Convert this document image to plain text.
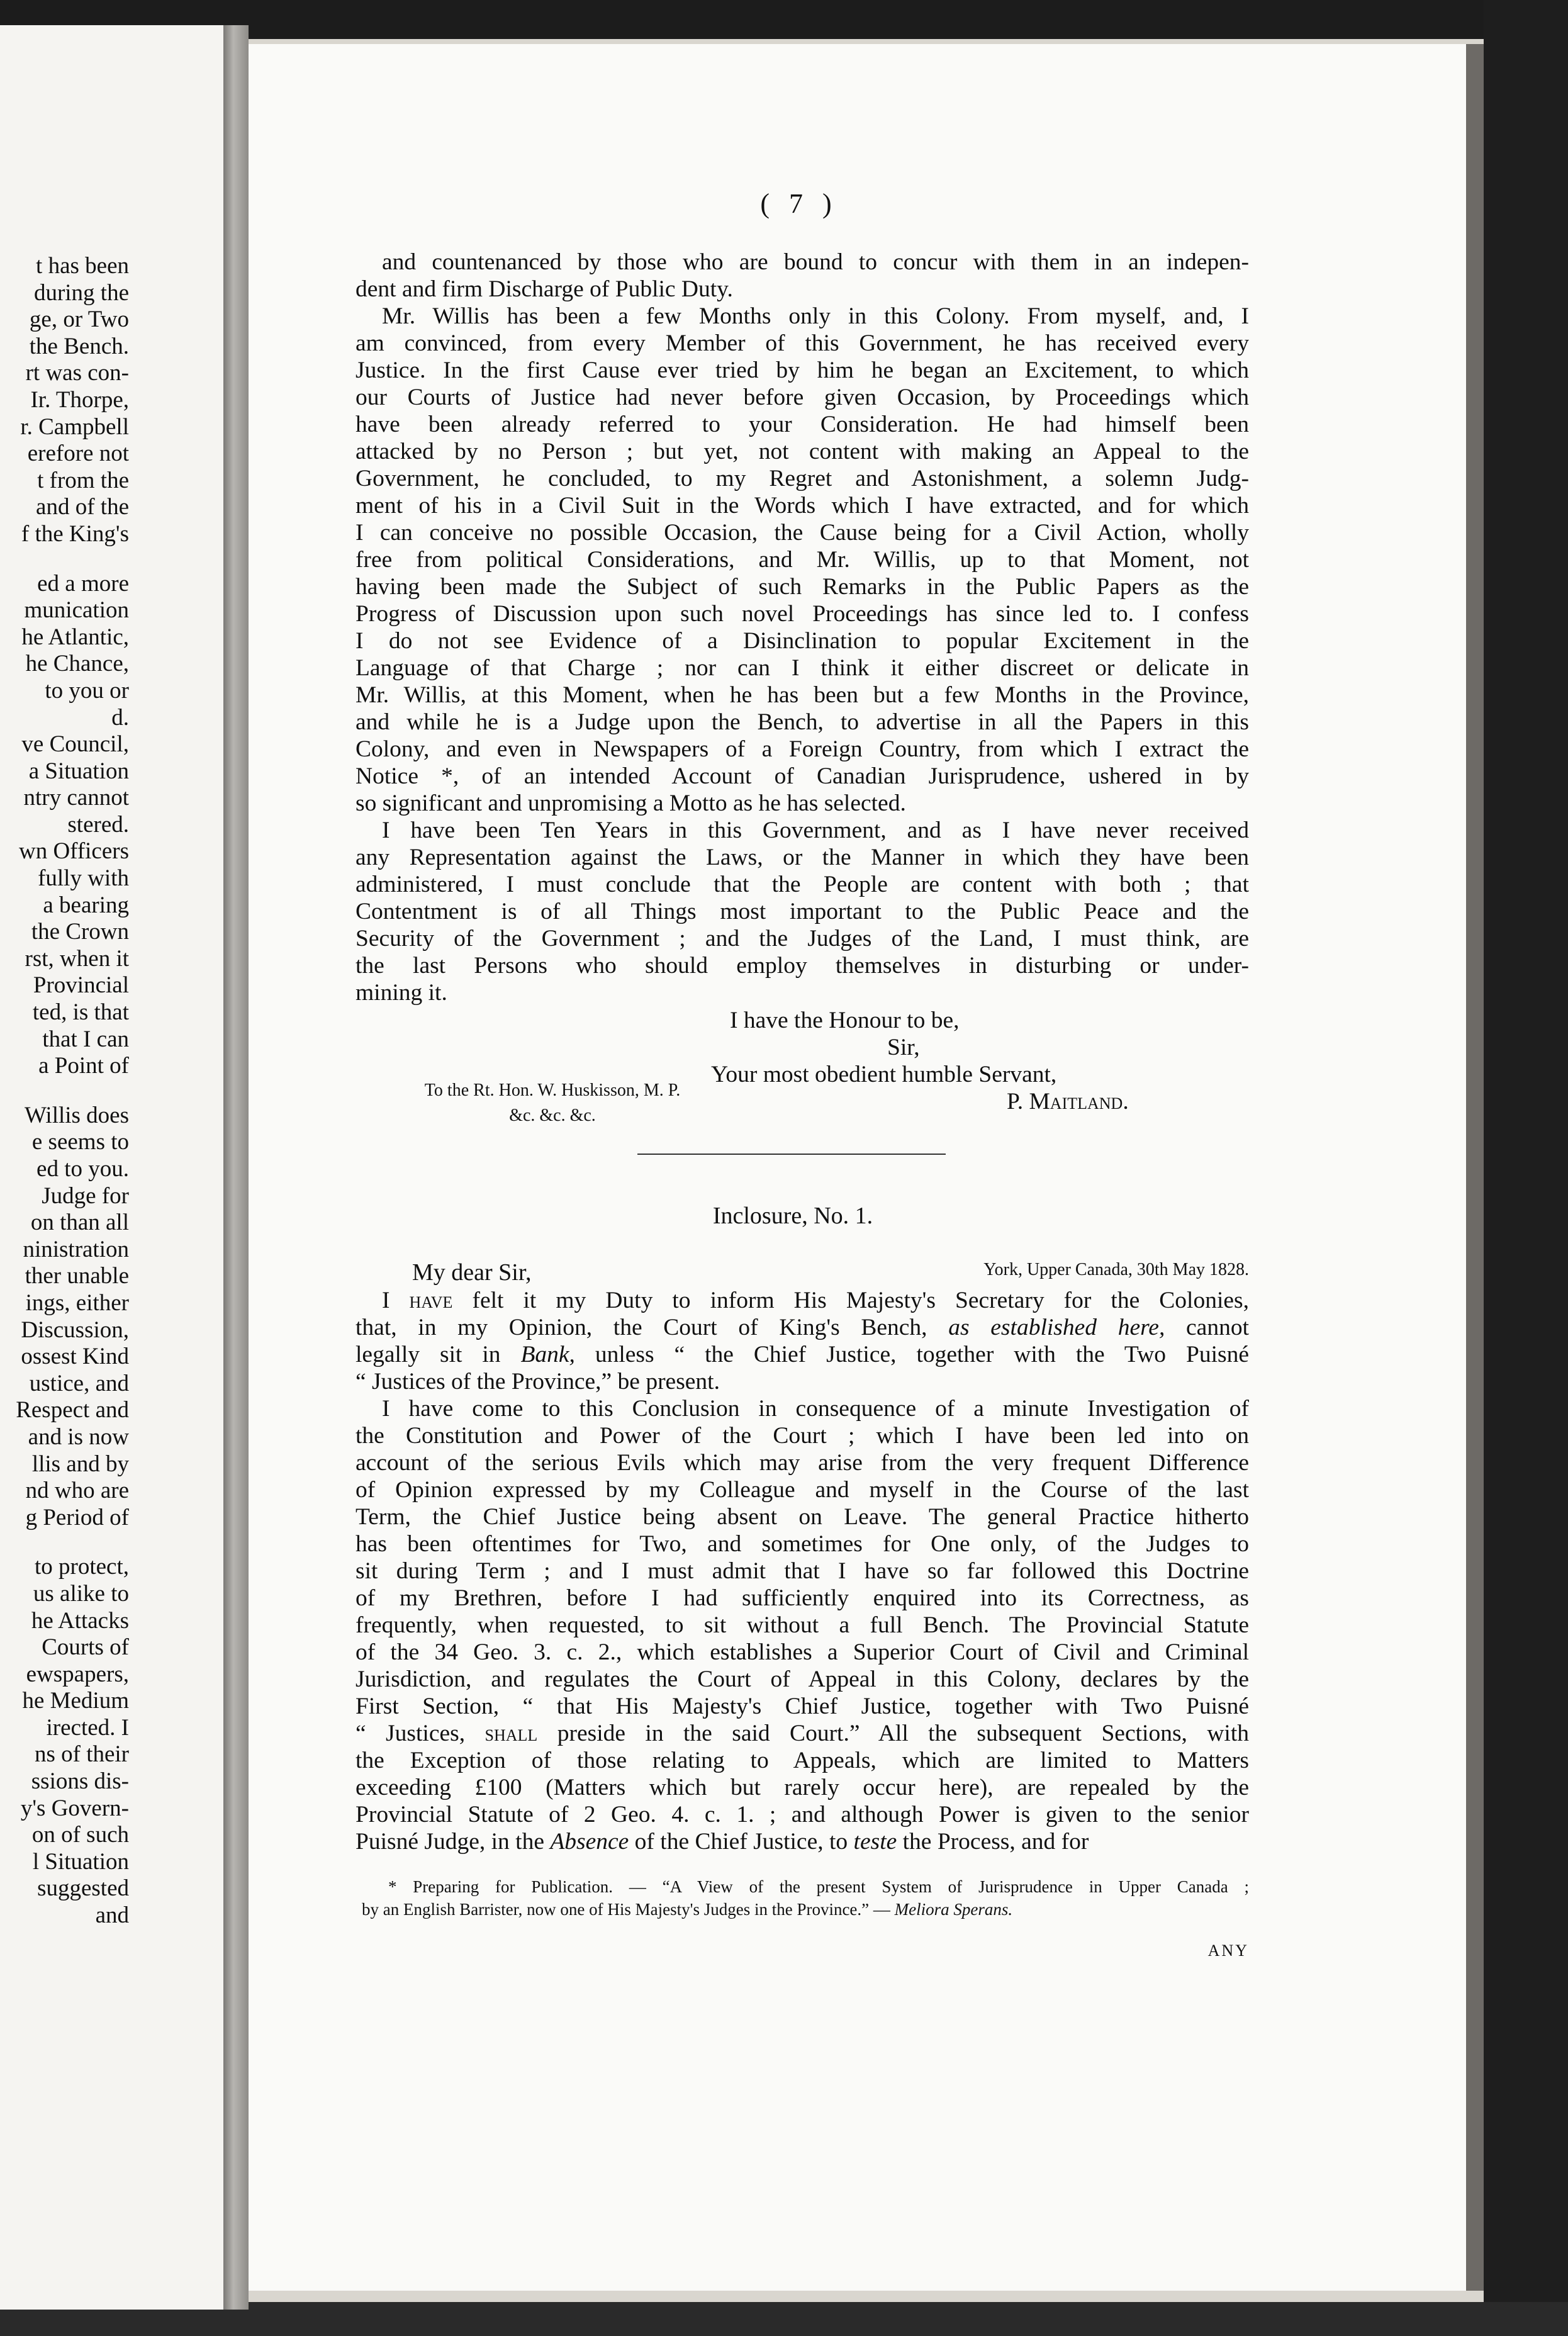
t has been
during the
ge, or Two
the Bench.
rt was con-
Ir. Thorpe,
r. Campbell
erefore not
t from the
and of the
f the King's
ed a more
munication
he Atlantic,
he Chance,
to you or
d.
ve Council,
a Situation
ntry cannot
stered.
wn Officers
fully with
a bearing
the Crown
rst, when it
Provincial
ted, is that
that I can
a Point of
Willis does
e seems to
ed to you.
Judge for
on than all
ninistration
ther unable
ings, either
Discussion,
ossest Kind
ustice, and
Respect and
and is now
llis and by
nd who are
g Period of
to protect,
us alike to
he Attacks
Courts of
ewspapers,
he Medium
irected. I
ns of their
ssions dis-
y's Govern-
on of such
l Situation
suggested
and
( 7 )
and countenanced by those who are bound to concur with them in an indepen-
dent and firm Discharge of Public Duty.
Mr. Willis has been a few Months only in this Colony. From myself, and, I
am convinced, from every Member of this Government, he has received every
Justice. In the first Cause ever tried by him he began an Excitement, to which
our Courts of Justice had never before given Occasion, by Proceedings which
have been already referred to your Consideration. He had himself been
attacked by no Person ; but yet, not content with making an Appeal to the
Government, he concluded, to my Regret and Astonishment, a solemn Judg-
ment of his in a Civil Suit in the Words which I have extracted, and for which
I can conceive no possible Occasion, the Cause being for a Civil Action, wholly
free from political Considerations, and Mr. Willis, up to that Moment, not
having been made the Subject of such Remarks in the Public Papers as the
Progress of Discussion upon such novel Proceedings has since led to. I confess
I do not see Evidence of a Disinclination to popular Excitement in the
Language of that Charge ; nor can I think it either discreet or delicate in
Mr. Willis, at this Moment, when he has been but a few Months in the Province,
and while he is a Judge upon the Bench, to advertise in all the Papers in this
Colony, and even in Newspapers of a Foreign Country, from which I extract the
Notice *, of an intended Account of Canadian Jurisprudence, ushered in by
so significant and unpromising a Motto as he has selected.
I have been Ten Years in this Government, and as I have never received
any Representation against the Laws, or the Manner in which they have been
administered, I must conclude that the People are content with both ; that
Contentment is of all Things most important to the Public Peace and the
Security of the Government ; and the Judges of the Land, I must think, are
the last Persons who should employ themselves in disturbing or under-
mining it.
I have the Honour to be,
Sir,
Your most obedient humble Servant,
P. Maitland.
To the Rt. Hon. W. Huskisson, M. P.
&c. &c. &c.
Inclosure, No. 1.
My dear Sir,	York, Upper Canada, 30th May 1828.
I have felt it my Duty to inform His Majesty's Secretary for the Colonies,
that, in my Opinion, the Court of King's Bench, as established here, cannot
legally sit in Bank, unless “ the Chief Justice, together with the Two Puisné
“ Justices of the Province,” be present.
I have come to this Conclusion in consequence of a minute Investigation of
the Constitution and Power of the Court ; which I have been led into on
account of the serious Evils which may arise from the very frequent Difference
of Opinion expressed by my Colleague and myself in the Course of the last
Term, the Chief Justice being absent on Leave. The general Practice hitherto
has been oftentimes for Two, and sometimes for One only, of the Judges to
sit during Term ; and I must admit that I have so far followed this Doctrine
of my Brethren, before I had sufficiently enquired into its Correctness, as
frequently, when requested, to sit without a full Bench. The Provincial Statute
of the 34 Geo. 3. c. 2., which establishes a Superior Court of Civil and Criminal
Jurisdiction, and regulates the Court of Appeal in this Colony, declares by the
First Section, “ that His Majesty's Chief Justice, together with Two Puisné
“ Justices, shall preside in the said Court.” All the subsequent Sections, with
the Exception of those relating to Appeals, which are limited to Matters
exceeding £100 (Matters which but rarely occur here), are repealed by the
Provincial Statute of 2 Geo. 4. c. 1. ; and although Power is given to the senior
Puisné Judge, in the Absence of the Chief Justice, to teste the Process, and for
* Preparing for Publication. — “A View of the present System of Jurisprudence in Upper Canada ;
by an English Barrister, now one of His Majesty's Judges in the Province.” — Meliora Sperans.
ANY
